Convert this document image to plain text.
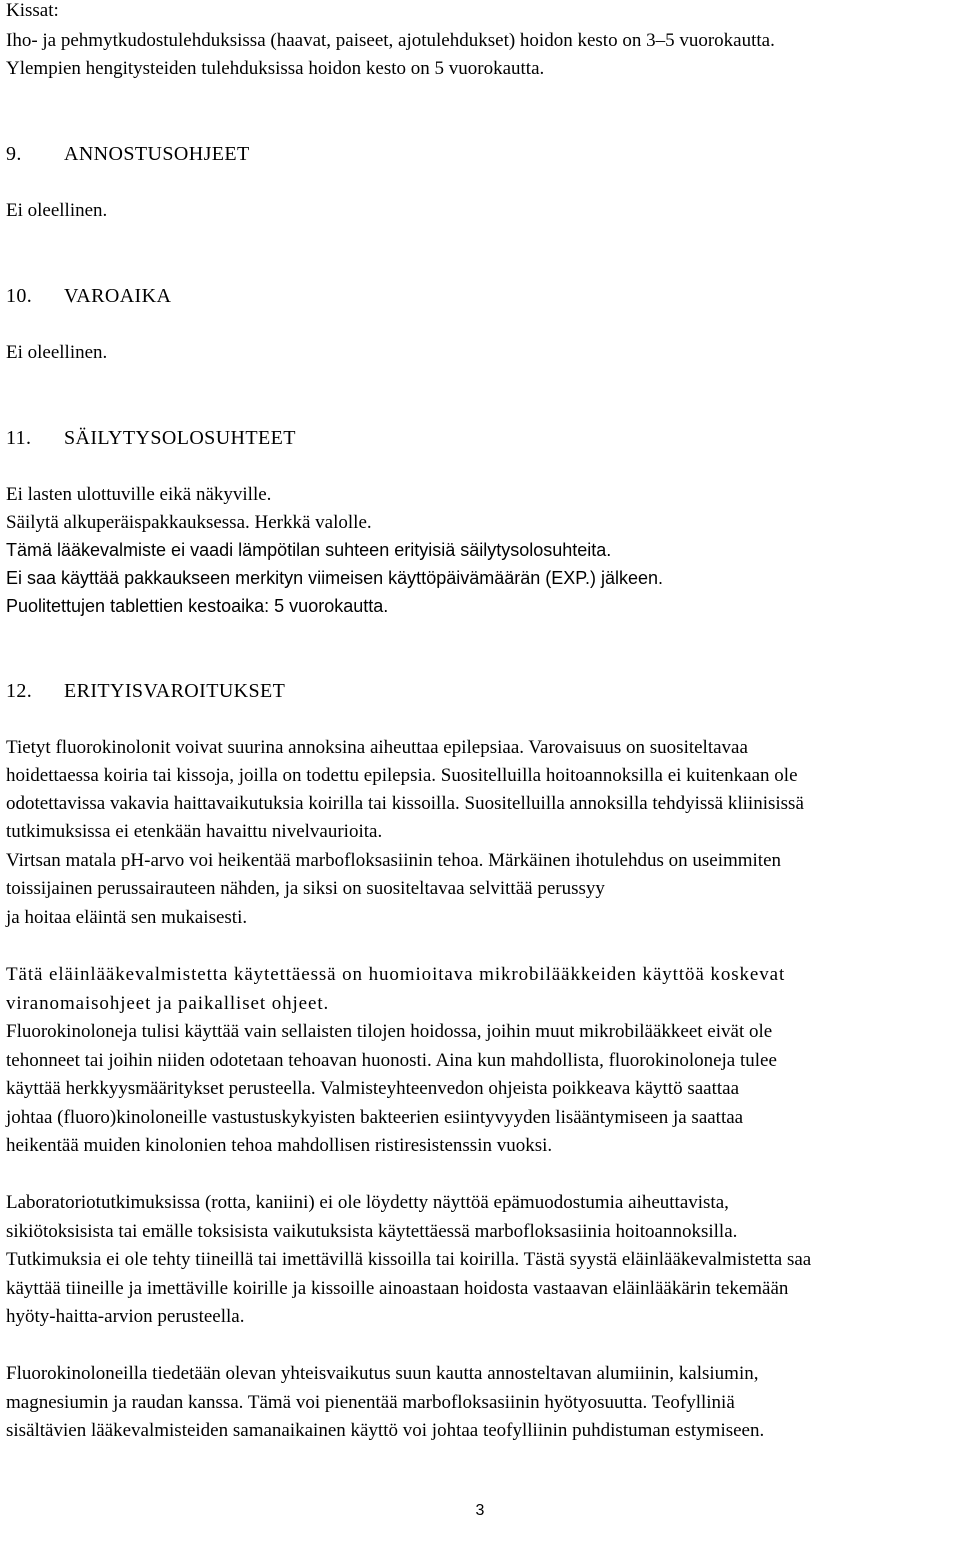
Kissat:
Iho- ja pehmytkudostulehduksissa (haavat, paiseet, ajotulehdukset) hoidon kesto on 3–5 vuorokautta.
Ylempien hengitysteiden tulehduksissa hoidon kesto on 5 vuorokautta.
9. ANNOSTUSOHJEET
Ei oleellinen.
10. VAROAIKA
Ei oleellinen.
11. SÄILYTYSOLOSUHTEET
Ei lasten ulottuville eikä näkyville.
Säilytä alkuperäispakkauksessa. Herkkä valolle.
Tämä lääkevalmiste ei vaadi lämpötilan suhteen erityisiä säilytysolosuhteita.
Ei saa käyttää pakkaukseen merkityn viimeisen käyttöpäivämäärän (EXP.) jälkeen.
Puolitettujen tablettien kestoaika: 5 vuorokautta.
12. ERITYISVAROITUKSET
Tietyt fluorokinolonit voivat suurina annoksina aiheuttaa epilepsiaa. Varovaisuus on suositeltavaa
hoidettaessa koiria tai kissoja, joilla on todettu epilepsia. Suositelluilla hoitoannoksilla ei kuitenkaan ole
odotettavissa vakavia haittavaikutuksia koirilla tai kissoilla. Suositelluilla annoksilla tehdyissä kliinisissä
tutkimuksissa ei etenkään havaittu nivelvaurioita.
Virtsan matala pH-arvo voi heikentää marbofloksasiinin tehoa. Märkäinen ihotulehdus on useimmiten
toissijainen perussairauteen nähden, ja siksi on suositeltavaa selvittää perussyy
ja hoitaa eläintä sen mukaisesti.
Tätä eläinlääkevalmistetta käytettäessä on huomioitava mikrobilääkkeiden käyttöä koskevat
viranomaisohjeet ja paikalliset ohjeet.
Fluorokinoloneja tulisi käyttää vain sellaisten tilojen hoidossa, joihin muut mikrobilääkkeet eivät ole
tehonneet tai joihin niiden odotetaan tehoavan huonosti. Aina kun mahdollista, fluorokinoloneja tulee
käyttää herkkyysmääritykset perusteella. Valmisteyhteenvedon ohjeista poikkeava käyttö saattaa
johtaa (fluoro)kinoloneille vastustuskykyisten bakteerien esiintyvyyden lisääntymiseen ja saattaa
heikentää muiden kinolonien tehoa mahdollisen ristiresistenssin vuoksi.
Laboratoriotutkimuksissa (rotta, kaniini) ei ole löydetty näyttöä epämuodostumia aiheuttavista,
sikiötoksisista tai emälle toksisista vaikutuksista käytettäessä marbofloksasiinia hoitoannoksilla.
Tutkimuksia ei ole tehty tiineillä tai imettävillä kissoilla tai koirilla. Tästä syystä eläinlääkevalmistetta saa
käyttää tiineille ja imettäville koirille ja kissoille ainoastaan hoidosta vastaavan eläinlääkärin tekemään
hyöty-haitta-arvion perusteella.
Fluorokinoloneilla tiedetään olevan yhteisvaikutus suun kautta annosteltavan alumiinin, kalsiumin,
magnesiumin ja raudan kanssa. Tämä voi pienentää marbofloksasiinin hyötyosuutta. Teofylliniä
sisältävien lääkevalmisteiden samanaikainen käyttö voi johtaa teofylliinin puhdistuman estymiseen.
3
